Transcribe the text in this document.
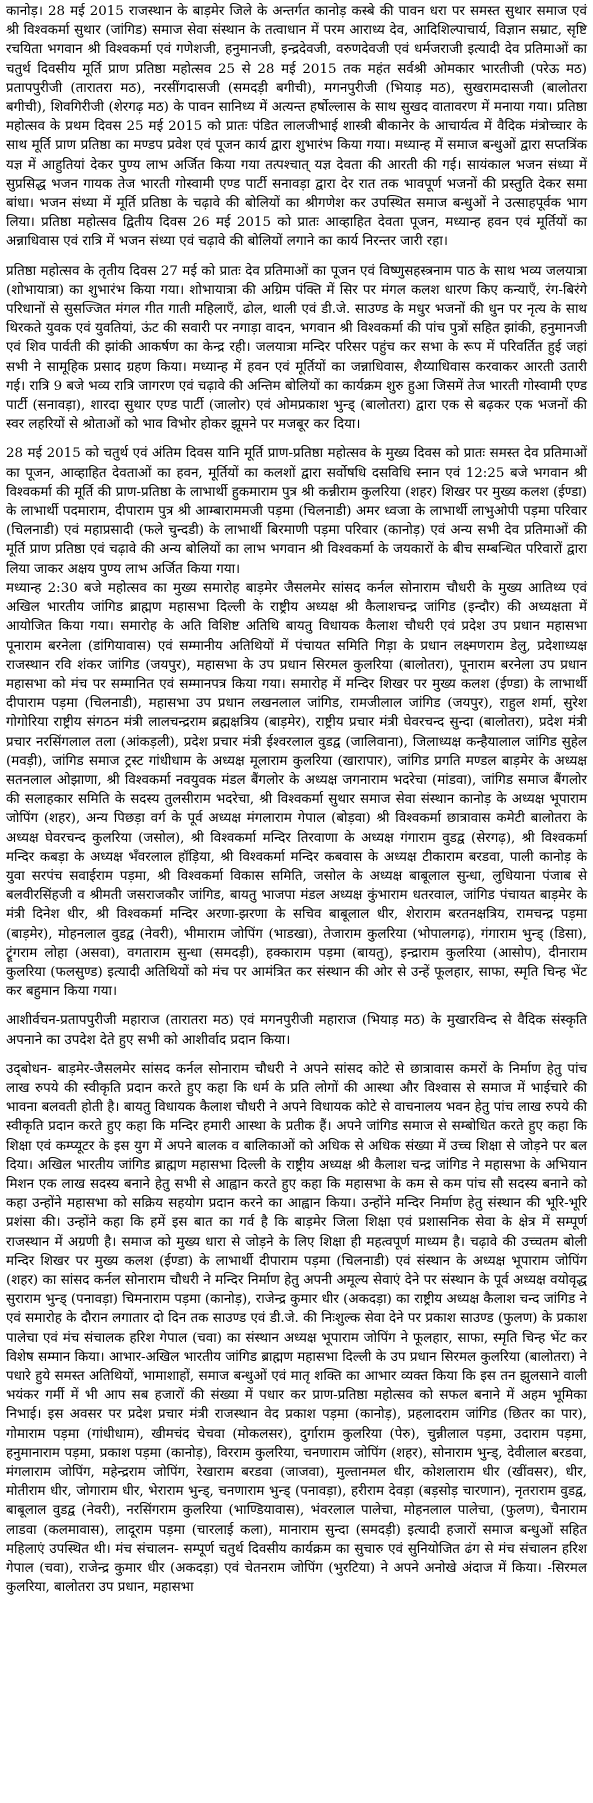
कानोड़। 28 मई 2015 राजस्थान के बाड़मेर जिले के अन्तर्गत कानोड़ कस्बे की पावन धरा पर समस्त सुथार समाज एवं श्री विश्वकर्मा सुथार (जांगिड) समाज सेवा संस्थान के तत्वाधान में परम आराध्य देव, आदिशिल्पाचार्य, विज्ञान सम्राट, सृष्टि रचयिता भगवान श्री विश्वकर्मा एवं गणेशजी, हनुमानजी, इन्द्रदेवजी, वरुणदेवजी एवं धर्मजराजी इत्यादी देव प्रतिमाओं का चतुर्थ दिवसीय मूर्ति प्राण प्रतिष्ठा महोत्सव 25 से 28 मई 2015 तक महंत सर्वश्री ओमकार भारतीजी (परेऊ मठ) प्रतापपुरीजी (तारातरा मठ), नरसींगदासजी (समदड़ी बगीची), मगनपुरीजी (भियाड़ मठ), सुखरामदासजी (बालोतरा बगीची), शिवगिरीजी (शेरगढ़ मठ) के पावन सानिध्य में अत्यन्त हर्षोल्लास के साथ सुखद वातावरण में मनाया गया। प्रतिष्ठा महोत्सव के प्रथम दिवस 25 मई 2015 को प्रातः पंडित लालजीभाई शास्त्री बीकानेर के आचार्यत्व में वैदिक मंत्रोच्चार के साथ मूर्ति प्राण प्रतिष्ठा का मण्डप प्रवेश एवं पूजन कार्य द्वारा शुभारंभ किया गया। मध्यान्ह में समाज बन्धुओं द्वारा सप्तत्रिंक यज्ञ में आहुतियां देकर पुण्य लाभ अर्जित किया गया तत्पश्चात् यज्ञ देवता की आरती की गई। सायंकाल भजन संध्या में सुप्रसिद्ध भजन गायक तेज भारती गोस्वामी एण्ड पार्टी सनावड़ा द्वारा देर रात तक भावपूर्ण भजनों की प्रस्तुति देकर समा बांधा। भजन संध्या में मूर्ति प्रतिष्ठा के चढ़ावे की बोलियों का श्रीगणेश कर उपस्थित समाज बन्धुओं ने उत्साहपूर्वक भाग लिया। प्रतिष्ठा महोत्सव द्वितीय दिवस 26 मई 2015 को प्रातः आव्हाहित देवता पूजन, मध्यान्ह हवन एवं मूर्तियों का अन्नाधिवास एवं रात्रि में भजन संध्या एवं चढ़ावे की बोलियों लगाने का कार्य निरन्तर जारी रहा।

प्रतिष्ठा महोत्सव के तृतीय दिवस 27 मई को प्रातः देव प्रतिमाओं का पूजन एवं विष्णुसहस्त्रनाम पाठ के साथ भव्य जलयात्रा (शोभायात्रा) का शुभारंभ किया गया। शोभायात्रा की अग्रिम पंक्ति में सिर पर मंगल कलश धारण किए कन्याएँ, रंग-बिरंगे परिधानों से सुसज्जित मंगल गीत गाती महिलाएँ, ढोल, थाली एवं डी.जे. साउण्ड के मधुर भजनों की धुन पर नृत्य के साथ थिरकते युवक एवं युवतियां, ऊंट की सवारी पर नगाड़ा वादन, भगवान श्री विश्वकर्मा की पांच पुत्रों सहित झांकी, हनुमानजी एवं शिव पार्वती की झांकी आकर्षण का केन्द्र रही। जलयात्रा मन्दिर परिसर पहुंच कर सभा के रूप में परिवर्तित हुई जहां सभी ने सामूहिक प्रसाद ग्रहण किया। मध्यान्ह में हवन एवं मूर्तियों का जन्नाधिवास, शैय्याधिवास करवाकर आरती उतारी गई। रात्रि 9 बजे भव्य रात्रि जागरण एवं चढ़ावे की अन्तिम बोलियों का कार्यक्रम शुरु हुआ जिसमें तेज भारती गोस्वामी एण्ड पार्टी (सनावड़ा), शारदा सुथार एण्ड पार्टी (जालोर) एवं ओमप्रकाश भुन्ड्‌ (बालोतरा) द्वारा एक से बढ़कर एक भजनों की स्वर लहरियों से श्रोताओं को भाव विभोर होकर झूमने पर मजबूर कर दिया।

28 मई 2015 को चतुर्थ एवं अंतिम दिवस यानि मूर्ति प्राण-प्रतिष्ठा महोत्सव के मुख्य दिवस को प्रातः समस्त देव प्रतिमाओं का पूजन, आव्हाहित देवताओं का हवन, मूर्तियों का कलशों द्वारा सर्वोषधि दसविधि स्नान एवं 12:25 बजे भगवान श्री विश्वकर्मा की मूर्ति की प्राण-प्रतिष्ठा के लाभार्थी हुकमाराम पुत्र श्री कन्नीराम कुलरिया (शहर) शिखर पर मुख्य कलश (ईण्डा) के लाभार्थी पदमाराम, दीपाराम पुत्र श्री आम्बाराममजी पड़मा (चिलनाडी) अमर ध्वजा के लाभार्थी लाभुओपी पड़मा परिवार (चिलनाडी) एवं महाप्रसादी (फले चुन्दडी) के लाभार्थी बिरमाणी पड़मा परिवार (कानोड़) एवं अन्य सभी देव प्रतिमाओं की मूर्ति प्राण प्रतिष्ठा एवं चढ़ावे की अन्य बोलियों का लाभ भगवान श्री विश्वकर्मा के जयकारों के बीच सम्बन्धित परिवारों द्वारा लिया जाकर अक्षय पुण्य लाभ अर्जित किया गया।

मध्यान्ह 2:30 बजे महोत्सव का मुख्य समारोह बाड़मेर जैसलमेर सांसद कर्नल सोनाराम चौधरी के मुख्य आतिथ्य एवं अखिल भारतीय जांगिड ब्राह्मण महासभा दिल्ली के राष्ट्रीय अध्यक्ष श्री कैलाशचन्द्र जांगिड (इन्दौर) की अध्यक्षता में आयोजित किया गया। समारोह के अति विशिष्ट अतिथि बायतु विधायक कैलाश चौधरी एवं प्रदेश उप प्रधान महासभा पूनाराम बरनेला (डांगियावास) एवं सम्मानीय अतिथियों में पंचायत समिति गिड़ा के प्रधान लक्ष्मणराम डेलु, प्रदेशाध्यक्ष राजस्थान रवि शंकर जांगिड (जयपुर), महासभा के उप प्रधान सिरमल कुलरिया (बालोतरा), पूनाराम बरनेला उप प्रधान महासभा को मंच पर सम्मानित एवं सम्मानपत्र किया गया। समारोह में मन्दिर शिखर पर मुख्य कलश (ईण्डा) के लाभार्थी दीपाराम पड़मा (चिलनाडी), महासभा उप प्रधान लखनलाल जांगिड, रामजीलाल जांगिड (जयपुर), राहुल शर्मा, सुरेश गोगोरिया राष्ट्रीय संगठन मंत्री लालचन्द्रराम ब्रह्मक्षत्रिय (बाड़मेर), राष्ट्रीय प्रचार मंत्री घेवरचन्द सुन्दा (बालोतरा), प्रदेश मंत्री प्रचार नरसिंगलाल तला (आंकड़ली), प्रदेश प्रचार मंत्री ईश्वरलाल वुडद्व (जालिवाना), जिलाध्यक्ष कन्हैयालाल जांगिड सुहेल (मवड़ी), जांगिड समाज ट्रस्ट गांधीधाम के अध्यक्ष मूलाराम कुलरिया (खारापार), जांगिड प्रगति मण्डल बाड़मेर के अध्यक्ष सतनलाल ओझाणा, श्री विश्वकर्मा नवयुवक मंडल बैंगलोर के अध्यक्ष जगनाराम भदरेचा (मांडवा), जांगिड समाज बैंगलोर की सलाहकार समिति के सदस्य तुलसीराम भदरेचा, श्री विश्वकर्मा सुथार समाज सेवा संस्थान कानोड़ के अध्यक्ष भूपाराम जोपिंग (शहर), अन्य पिछड़ा वर्ग के पूर्व अध्यक्ष मंगलाराम गेपाल (बोड़वा) श्री विश्वकर्मा छात्रावास कमेटी बालोतरा के अध्यक्ष घेवरचन्द कुलरिया (जसोल), श्री विश्वकर्मा मन्दिर तिरवाणा के अध्यक्ष गंगाराम वुडद्व (सेरगढ़), श्री विश्वकर्मा मन्दिर कबड़ा के अध्यक्ष भँवरलाल हॉड़िया, श्री विश्वकर्मा मन्दिर कबवास के अध्यक्ष टीकाराम बरडवा, पाली कानोड़ के युवा सरपंच सवाईराम पड़मा, श्री विश्वकर्मा विकास समिति, जसोल के अध्यक्ष बाबूलाल सुन्धा, लुधियाना पंजाब से बलवीरसिंहजी व श्रीमती जसराजकौर जांगिड, बायतु भाजपा मंडल अध्यक्ष कुंभाराम धतरवाल, जांगिड पंचायत बाड़मेर के मंत्री दिनेश धीर, श्री विश्वकर्मा मन्दिर अरणा-झरणा के सचिव बाबूलाल धीर, शेराराम बरतनक्षत्रिय, रामचन्द्र पड़मा (बाड़मेर), मोहनलाल वुडद्व (नेवरी), भीमाराम जोपिंग (भाडखा), तेजाराम कुलरिया (भोपालगढ़), गंगाराम भुन्ड्‌ (डिसा), ट्रूंगराम लोहा (असवा), वगताराम सुन्धा (समदड़ी), हक्काराम पड़मा (बायतु), इन्द्राराम कुलरिया (आसोप), दीनाराम कुलरिया (फलसुण्ड) इत्यादी अतिथियों को मंच पर आमंत्रित कर संस्थान की ओर से उन्हें फूलहार, साफा, स्मृति चिन्ह भेंट कर बहुमान किया गया।

आशीर्वचन-प्रतापपुरीजी महाराज (तारातरा मठ) एवं मगनपुरीजी महाराज (भियाड़ मठ) के मुखारविन्द से वैदिक संस्कृति अपनाने का उपदेश देते हुए सभी को आशीर्वाद प्रदान किया।

उद्‌बोधन- बाड़मेर-जैसलमेर सांसद कर्नल सोनाराम चौधरी ने अपने सांसद कोटे से छात्रावास कमरों के निर्माण हेतु पांच लाख रुपये की स्वीकृति प्रदान करते हुए कहा कि धर्म के प्रति लोगों की आस्था और विश्वास से समाज में भाईचारे की भावना बलवती होती है। बायतु विधायक कैलाश चौधरी ने अपने विधायक कोटे से वाचनालय भवन हेतु पांच लाख रुपये की स्वीकृति प्रदान करते हुए कहा कि मन्दिर हमारी आस्था के प्रतीक हैं। अपने जांगिड समाज से सम्बोधित करते हुए कहा कि शिक्षा एवं कम्प्यूटर के इस युग में अपने बालक व बालिकाओं को अधिक से अधिक संख्या में उच्च शिक्षा से जोड़ने पर बल दिया। अखिल भारतीय जांगिड ब्राह्मण महासभा दिल्ली के राष्ट्रीय अध्यक्ष श्री कैलाश चन्द्र जांगिड ने महासभा के अभियान मिशन एक लाख सदस्य बनाने हेतु सभी से आह्वान करते हुए कहा कि महासभा के कम से कम पांच सौ सदस्य बनाने को कहा उन्होंने महासभा को सक्रिय सहयोग प्रदान करने का आह्वान किया। उन्होंने मन्दिर निर्माण हेतु संस्थान की भूरि-भूरि प्रशंसा की। उन्होंने कहा कि हमें इस बात का गर्व है कि बाड़मेर जिला शिक्षा एवं प्रशासनिक सेवा के क्षेत्र में सम्पूर्ण राजस्थान में अग्रणी है। समाज को मुख्य धारा से जोड़ने के लिए शिक्षा ही महत्वपूर्ण माध्यम है। चढ़ावे की उच्चतम बोली मन्दिर शिखर पर मुख्य कलश (ईण्डा) के लाभार्थी दीपाराम पड़मा (चिलनाडी) एवं संस्थान के अध्यक्ष भूपाराम जोपिंग (शहर) का सांसद कर्नल सोनाराम चौधरी ने मन्दिर निर्माण हेतु अपनी अमूल्य सेवाएं देने पर संस्थान के पूर्व अध्यक्ष वयोवृद्ध सुराराम भुन्ड्‌ (पनावड़ा) चिमनाराम पड़मा (कानोड़), राजेन्द्र कुमार धीर (अकदड़ा) का राष्ट्रीय अध्यक्ष कैलाश चन्द जांगिड ने एवं समारोह के दौरान लगातार दो दिन तक साउण्ड एवं डी.जे. की निःशुल्क सेवा देने पर प्रकाश साउण्ड (फुलण) के प्रकाश पालेचा एवं मंच संचालक हरिश गेपाल (चवा) का संस्थान अध्यक्ष भूपाराम जोपिंग ने फूलहार, साफा, स्मृति चिन्ह भेंट कर विशेष सम्मान किया। आभार-अखिल भारतीय जांगिड ब्राह्मण महासभा दिल्ली के उप प्रधान सिरमल कुलरिया (बालोतरा) ने पधारे हुये समस्त अतिथियों, भामाशाहों, समाज बन्धुओं एवं मातृ शक्ति का आभार व्यक्त किया कि इस तन झुलसाने वाली भयंकर गर्मी में भी आप सब हजारों की संख्या में पधार कर प्राण-प्रतिष्ठा महोत्सव को सफल बनाने में अहम भूमिका निभाई। इस अवसर पर प्रदेश प्रचार मंत्री राजस्थान वेद प्रकाश पड़मा (कानोड़), प्रहलादराम जांगिड (छितर का पार), गोमाराम पड़मा (गांधीधाम), खीमचंद चेचवा (मोकलसर), दुर्गाराम कुलरिया (पेरु), चुन्नीलाल पड़मा, उदाराम पड़मा, हनुमानाराम पड़मा, प्रकाश पड़मा (कानोड़), विरराम कुलरिया, चनणाराम जोपिंग (शहर), सोनाराम भुन्ड्‌, देवीलाल बरडवा, मंगलाराम जोपिंग, महेन्द्रराम जोपिंग, रेखाराम बरडवा (जाजवा), मुल्तानमल धीर, कोशलाराम धीर (खींवसर), धीर, मोतीराम धीर, जोगाराम धीर, भेराराम भुन्ड्‌, चनणाराम भुन्ड्‌ (पनावड़ा), हरीराम देवड़ा (बड़सोड़ चारणान), नृतराराम वुडद्व, बाबूलाल वुडद्व (नेवरी), नरसिंगराम कुलरिया (भाण्डियावास), भंवरलाल पालेचा, मोहनलाल पालेचा, (फुलण), चैनाराम लाडवा (कलमावास), लादूराम पड़मा (चारलाई कला), मानाराम सुन्दा (समदड़ी) इत्यादी हजारों समाज बन्धुओं सहित महिलाएं उपस्थित थी। मंच संचालन- सम्पूर्ण चतुर्थ दिवसीय कार्यक्रम का सुचारु एवं सुनियोजित ढंग से मंच संचालन हरिश गेपाल (चवा), राजेन्द्र कुमार धीर (अकदड़ा) एवं चेतनराम जोपिंग (भुरटिया) ने अपने अनोखे अंदाज में किया। -सिरमल कुलरिया, बालोतरा उप प्रधान, महासभा
